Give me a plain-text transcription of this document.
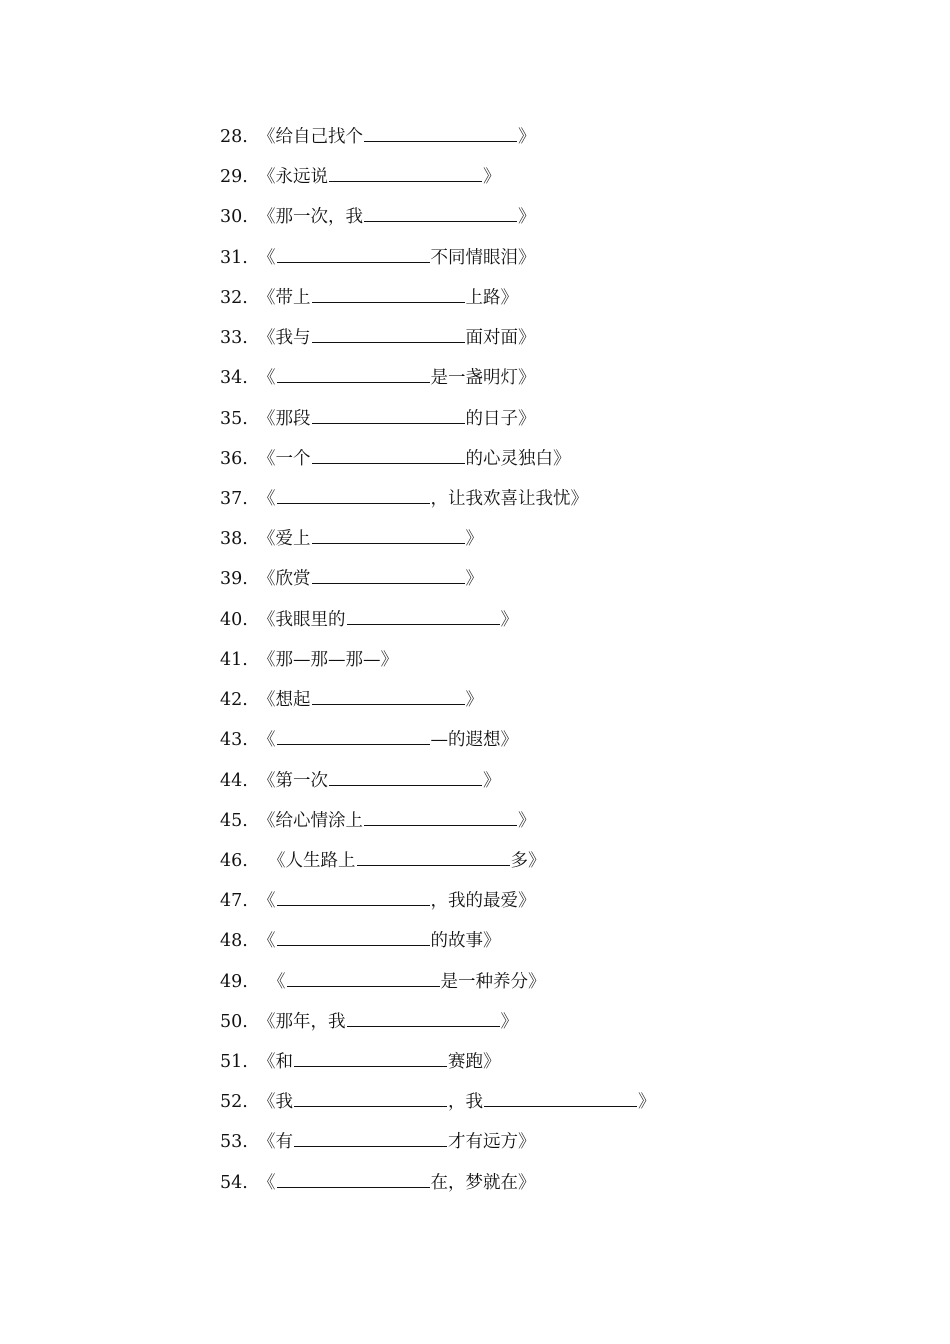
28. 《给自己找个	》
29. 《永远说	》
30. 《那一次，我	》
31. 《	不同情眼泪》
32. 《带上	上路》
33. 《我与	面对面》
34. 《	是一盏明灯》
35. 《那段	的日子》
36. 《一个	的心灵独白》
37. 《	，让我欢喜让我忧》
38. 《爱上	》
39. 《欣赏	》
40. 《我眼里的	》
41. 《那—那—那—》
42. 《想起	》
43. 《	—的遐想》
44. 《第一次	》
45. 《给心情涂上	》
46.	《人生路上	多》
47. 《	，我的最爱》
48. 《	的故事》
49.	《	是一种养分》
50. 《那年，我	》
51. 《和	赛跑》
52. 《我	，我	》
53. 《有	才有远方》
54. 《	在，梦就在》
